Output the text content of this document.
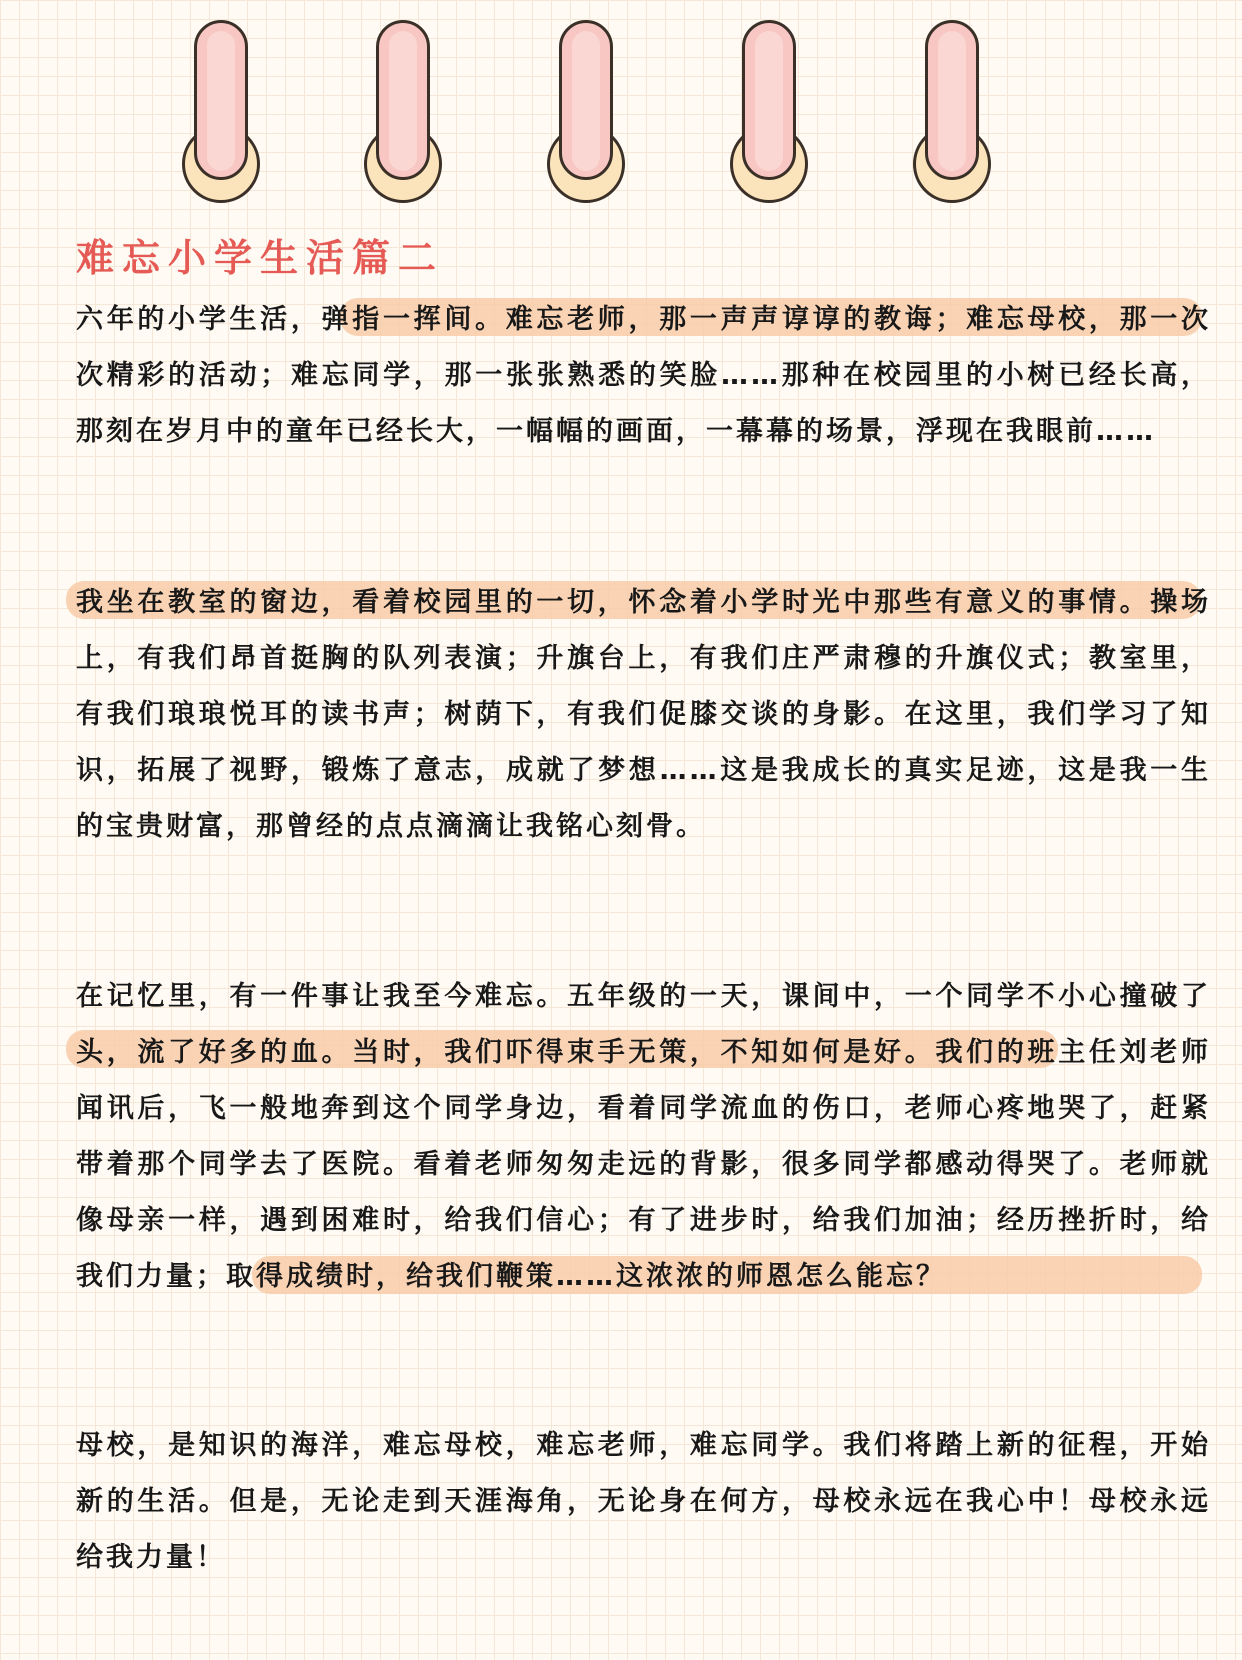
难忘小学生活篇二

六年的小学生活，弹指一挥间。难忘老师，那一声声谆谆的教诲；难忘母校，那一次次精彩的活动；难忘同学，那一张张熟悉的笑脸……那种在校园里的小树已经长高，那刻在岁月中的童年已经长大，一幅幅的画面，一幕幕的场景，浮现在我眼前……

我坐在教室的窗边，看着校园里的一切，怀念着小学时光中那些有意义的事情。操场上，有我们昂首挺胸的队列表演；升旗台上，有我们庄严肃穆的升旗仪式；教室里，有我们琅琅悦耳的读书声；树荫下，有我们促膝交谈的身影。在这里，我们学习了知识，拓展了视野，锻炼了意志，成就了梦想……这是我成长的真实足迹，这是我一生的宝贵财富，那曾经的点点滴滴让我铭心刻骨。

在记忆里，有一件事让我至今难忘。五年级的一天，课间中，一个同学不小心撞破了头，流了好多的血。当时，我们吓得束手无策，不知如何是好。我们的班主任刘老师闻讯后，飞一般地奔到这个同学身边，看着同学流血的伤口，老师心疼地哭了，赶紧带着那个同学去了医院。看着老师匆匆走远的背影，很多同学都感动得哭了。老师就像母亲一样，遇到困难时，给我们信心；有了进步时，给我们加油；经历挫折时，给我们力量；取得成绩时，给我们鞭策……这浓浓的师恩怎么能忘？

母校，是知识的海洋，难忘母校，难忘老师，难忘同学。我们将踏上新的征程，开始新的生活。但是，无论走到天涯海角，无论身在何方，母校永远在我心中！母校永远给我力量！
